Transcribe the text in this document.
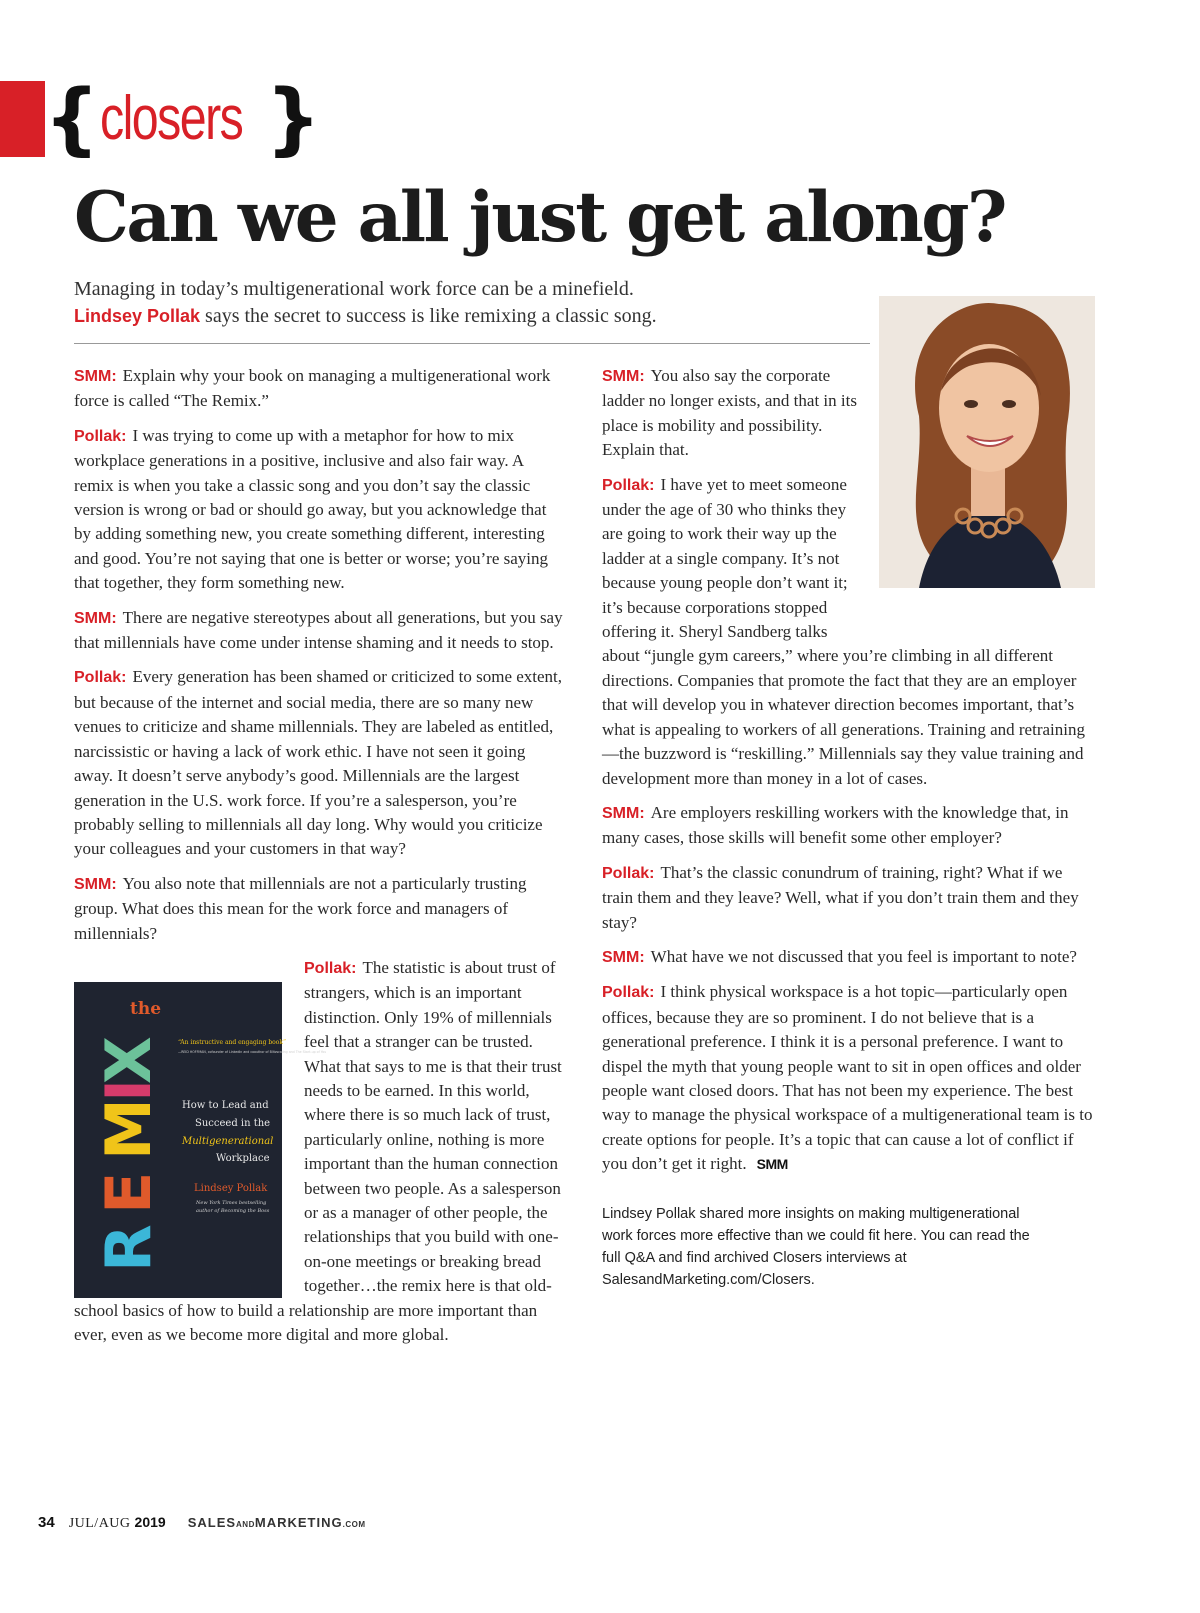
{ closers }
Can we all just get along?

Managing in today’s multigenerational work force can be a minefield.
Lindsey Pollak says the secret to success is like remixing a classic song.

SMM: Explain why your book on managing a multigenerational work force is called “The Remix.”

Pollak: I was trying to come up with a metaphor for how to mix workplace generations in a positive, inclusive and also fair way. A remix is when you take a classic song and you don’t say the classic version is wrong or bad or should go away, but you acknowledge that by adding something new, you create something different, interesting and good. You’re not saying that one is better or worse; you’re saying that together, they form something new.

SMM: There are negative stereotypes about all generations, but you say that millennials have come under intense shaming and it needs to stop.

Pollak: Every generation has been shamed or criticized to some extent, but because of the internet and social media, there are so many new venues to criticize and shame millennials. They are labeled as entitled, narcissistic or having a lack of work ethic. I have not seen it going away. It doesn’t serve anybody’s good. Millennials are the largest generation in the U.S. work force. If you’re a salesperson, you’re probably selling to millennials all day long. Why would you criticize your colleagues and your customers in that way?

SMM: You also note that millennials are not a particularly trusting group. What does this mean for the work force and managers of millennials?

the
R
E
M
I
X “An instructive and engaging book”
—REID HOFFMAN, cofounder of LinkedIn and coauthor of Blitzscaling and The Start-up of You
How to Lead and
Succeed in the
Multigenerational
Workplace
Lindsey Pollak
New York Times bestselling
author of Becoming the Boss

Pollak: The statistic is about trust of strangers, which is an important distinction. Only 19% of millennials feel that a stranger can be trusted. What that says to me is that their trust needs to be earned. In this world, where there is so much lack of trust, particularly online, nothing is more important than the human connection between two people. As a salesperson or as a manager of other people, the relationships that you build with one-on-one meetings or breaking bread together…the remix here is that old-school basics of how to build a relationship are more important than ever, even as we become more digital and more global.

SMM: You also say the corporate ladder no longer exists, and that in its place is mobility and possibility. Explain that.

Pollak: I have yet to meet someone under the age of 30 who thinks they are going to work their way up the ladder at a single company. It’s not because young people don’t want it; it’s because corporations stopped offering it. Sheryl Sandberg talks about “jungle gym careers,” where you’re climbing in all different directions. Companies that promote the fact that they are an employer that will develop you in whatever direction becomes important, that’s what is appealing to workers of all generations. Training and retraining—the buzzword is “reskilling.” Millennials say they value training and development more than money in a lot of cases.

SMM: Are employers reskilling workers with the knowledge that, in many cases, those skills will benefit some other employer?

Pollak: That’s the classic conundrum of training, right? What if we train them and they leave? Well, what if you don’t train them and they stay?

SMM: What have we not discussed that you feel is important to note?

Pollak: I think physical workspace is a hot topic—particularly open offices, because they are so prominent. I do not believe that is a generational preference. I think it is a personal preference. I want to dispel the myth that young people want to sit in open offices and older people want closed doors. That has not been my experience. The best way to manage the physical workspace of a multigenerational team is to create options for people. It’s a topic that can cause a lot of conflict if you don’t get it right. SMM

Lindsey Pollak shared more insights on making multigenerational work forces more effective than we could fit here. You can read the full Q&A and find archived Closers interviews at SalesandMarketing.com/Closers.

34 JUL/AUG 2019 SALESANDMARKETING.COM
